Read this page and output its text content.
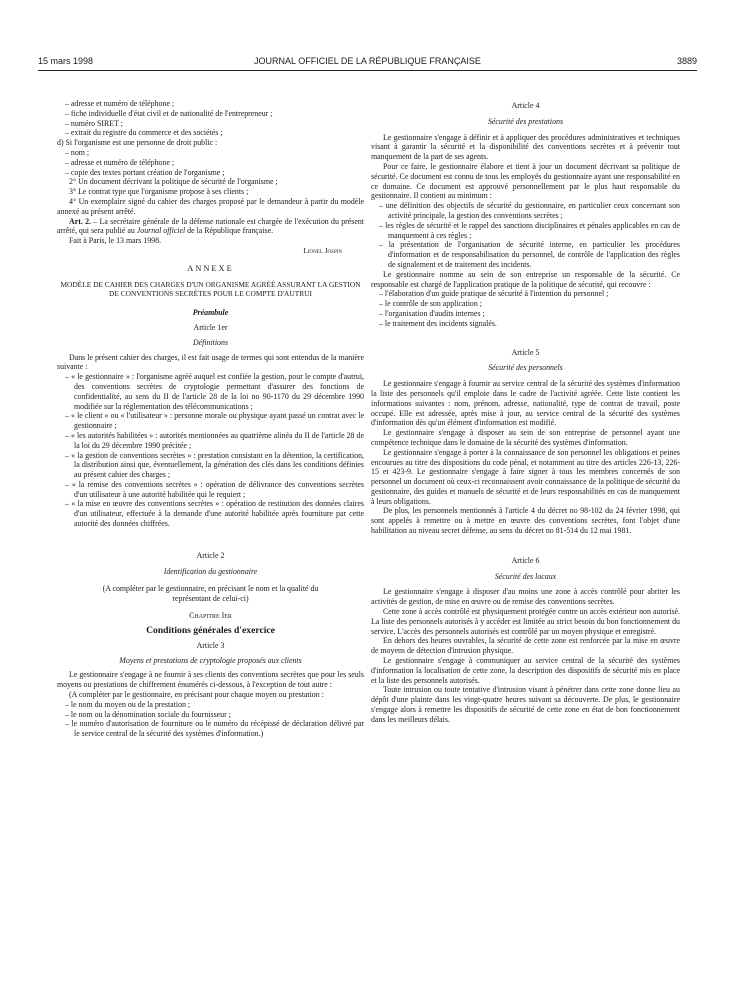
15 mars 1998	JOURNAL OFFICIEL DE LA RÉPUBLIQUE FRANÇAISE	3889

– adresse et numéro de téléphone ;

– fiche individuelle d'état civil et de nationalité de l'entrepreneur ;

– numéro SIRET ;

– extrait du registre du commerce et des sociétés ;

d) Si l'organisme est une personne de droit public :

– nom ;

– adresse et numéro de téléphone ;

– copie des textes portant création de l'organisme ;

2° Un document décrivant la politique de sécurité de l'organisme ;

3° Le contrat type que l'organisme propose à ses clients ;

4° Un exemplaire signé du cahier des charges proposé par le demandeur à partir du modèle annexé au présent arrêté.

Art. 2. – La secrétaire générale de la défense nationale est chargée de l'exécution du présent arrêté, qui sera publié au Journal officiel de la République française.

Fait à Paris, le 13 mars 1998.

Lionel Jospin

ANNEXE

MODÈLE DE CAHIER DES CHARGES D'UN ORGANISME AGRÉÉ ASSURANT LA GESTION DE CONVENTIONS SECRÈTES POUR LE COMPTE D'AUTRUI

Préambule

Article 1er

Définitions

Dans le présent cahier des charges, il est fait usage de termes qui sont entendus de la manière suivante :

– « le gestionnaire » : l'organisme agréé auquel est confiée la gestion, pour le compte d'autrui, des conventions secrètes de cryptologie permettant d'assurer des fonctions de confidentialité, au sens du II de l'article 28 de la loi no 90-1170 du 29 décembre 1990 modifiée sur la réglementation des télécommunications ;

– « le client » ou « l'utilisateur » : personne morale ou physique ayant passé un contrat avec le gestionnaire ;

– « les autorités habilitées » : autorités mentionnées au quatrième alinéa du II de l'article 28 de la loi du 29 décembre 1990 précitée ;

– « la gestion de conventions secrètes » : prestation consistant en la détention, la certification, la distribution ainsi que, éventuellement, la génération des clés dans les conditions définies au présent cahier des charges ;

– « la remise des conventions secrètes » : opération de délivrance des conventions secrètes d'un utilisateur à une autorité habilitée qui le requiert ;

– « la mise en œuvre des conventions secrètes » : opération de restitution des données claires d'un utilisateur, effectuée à la demande d'une autorité habilitée après fourniture par cette autorité des données chiffrées.

Article 2

Identification du gestionnaire

(A compléter par le gestionnaire, en précisant le nom et la qualité du représentant de celui-ci)

Chapitre Ier

Conditions générales d'exercice

Article 3

Moyens et prestations de cryptologie proposés aux clients

Le gestionnaire s'engage à ne fournir à ses clients des conventions secrètes que pour les seuls moyens ou prestations de chiffrement énumérés ci-dessous, à l'exception de tout autre :

(A compléter par le gestionnaire, en précisant pour chaque moyen ou prestation :

– le nom du moyen ou de la prestation ;

– le nom ou la dénomination sociale du fournisseur ;

– le numéro d'autorisation de fourniture ou le numéro du récépissé de déclaration délivré par le service central de la sécurité des systèmes d'information.)

Article 4

Sécurité des prestations

Le gestionnaire s'engage à définir et à appliquer des procédures administratives et techniques visant à garantir la sécurité et la disponibilité des conventions secrètes et à prévenir tout manquement de la part de ses agents.

Pour ce faire, le gestionnaire élabore et tient à jour un document décrivant sa politique de sécurité. Ce document est connu de tous les employés du gestionnaire ayant une responsabilité en ce domaine. Ce document est approuvé personnellement par le plus haut responsable du gestionnaire. Il contient au minimum :

– une définition des objectifs de sécurité du gestionnaire, en particulier ceux concernant son activité principale, la gestion des conventions secrètes ;

– les règles de sécurité et le rappel des sanctions disciplinaires et pénales applicables en cas de manquement à ces règles ;

– la présentation de l'organisation de sécurité interne, en particulier les procédures d'information et de responsabilisation du personnel, de contrôle de l'application des règles de signalement et de traitement des incidents.

Le gestionnaire nomme au sein de son entreprise un responsable de la sécurité. Ce responsable est chargé de l'application pratique de la politique de sécurité, qui recouvre :

– l'élaboration d'un guide pratique de sécurité à l'intention du personnel ;

– le contrôle de son application ;

– l'organisation d'audits internes ;

– le traitement des incidents signalés.

Article 5

Sécurité des personnels

Le gestionnaire s'engage à fournir au service central de la sécurité des systèmes d'information la liste des personnels qu'il emploie dans le cadre de l'activité agréée. Cette liste contient les informations suivantes : nom, prénom, adresse, nationalité, type de contrat de travail, poste occupé. Elle est adressée, après mise à jour, au service central de la sécurité des systèmes d'information dès qu'un élément d'information est modifié.

Le gestionnaire s'engage à disposer au sein de son entreprise de personnel ayant une compétence technique dans le domaine de la sécurité des systèmes d'information.

Le gestionnaire s'engage à porter à la connaissance de son personnel les obligations et peines encourues au titre des dispositions du code pénal, et notamment au titre des articles 226-13, 226-15 et 423-9. Le gestionnaire s'engage à faire signer à tous les membres concernés de son personnel un document où ceux-ci reconnaissent avoir connaissance de la politique de sécurité du gestionnaire, des guides et manuels de sécurité et de leurs responsabilités en cas de manquement à leurs obligations.

De plus, les personnels mentionnés à l'article 4 du décret no 98-102 du 24 février 1998, qui sont appelés à remettre ou à mettre en œuvre des conventions secrètes, font l'objet d'une habilitation au niveau secret défense, au sens du décret no 81-514 du 12 mai 1981.

Article 6

Sécurité des locaux

Le gestionnaire s'engage à disposer d'au moins une zone à accès contrôlé pour abriter les activités de gestion, de mise en œuvre ou de remise des conventions secrètes.

Cette zone à accès contrôlé est physiquement protégée contre un accès extérieur non autorisé. La liste des personnels autorisés à y accéder est limitée au strict besoin du bon fonctionnement du service. L'accès des personnels autorisés est contrôlé par un moyen physique et enregistré.

En dehors des heures ouvrables, la sécurité de cette zone est renforcée par la mise en œuvre de moyens de détection d'intrusion physique.

Le gestionnaire s'engage à communiquer au service central de la sécurité des systèmes d'information la localisation de cette zone, la description des dispositifs de sécurité mis en place et la liste des personnels autorisés.

Toute intrusion ou toute tentative d'intrusion visant à pénétrer dans cette zone donne lieu au dépôt d'une plainte dans les vingt-quatre heures suivant sa découverte. De plus, le gestionnaire s'engage alors à remettre les dispositifs de sécurité de cette zone en état de bon fonctionnement dans les meilleurs délais.
